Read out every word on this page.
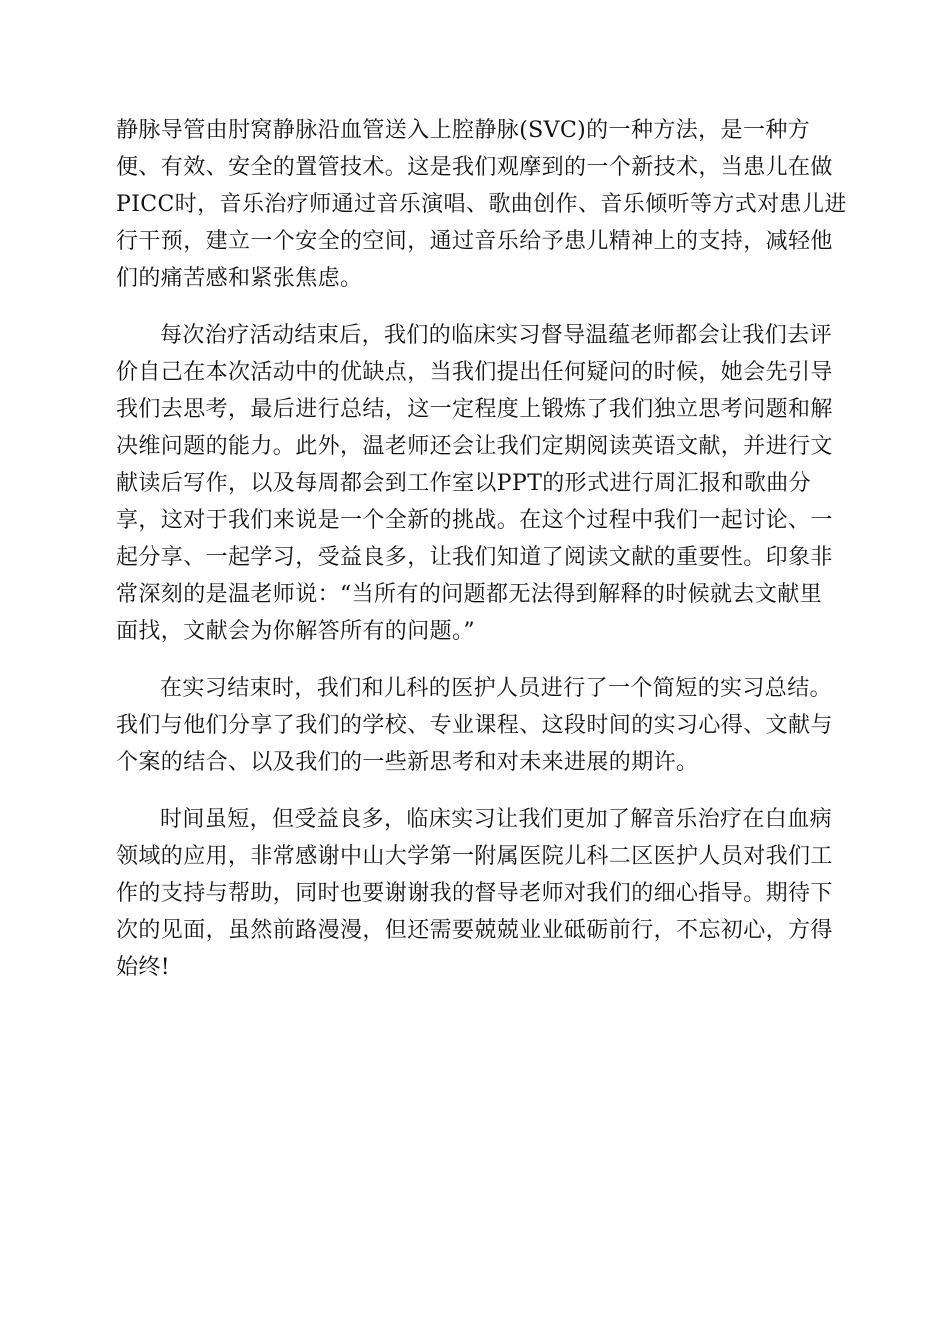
静脉导管由肘窝静脉沿血管送入上腔静脉(SVC)的一种方法，是一种方
便、有效、安全的置管技术。这是我们观摩到的一个新技术，当患儿在做
PICC时，音乐治疗师通过音乐演唱、歌曲创作、音乐倾听等方式对患儿进
行干预，建立一个安全的空间，通过音乐给予患儿精神上的支持，减轻他
们的痛苦感和紧张焦虑。

每次治疗活动结束后，我们的临床实习督导温蕴老师都会让我们去评
价自己在本次活动中的优缺点，当我们提出任何疑问的时候，她会先引导
我们去思考，最后进行总结，这一定程度上锻炼了我们独立思考问题和解
决维问题的能力。此外，温老师还会让我们定期阅读英语文献，并进行文
献读后写作，以及每周都会到工作室以PPT的形式进行周汇报和歌曲分
享，这对于我们来说是一个全新的挑战。在这个过程中我们一起讨论、一
起分享、一起学习，受益良多，让我们知道了阅读文献的重要性。印象非
常深刻的是温老师说：“当所有的问题都无法得到解释的时候就去文献里
面找，文献会为你解答所有的问题。”

在实习结束时，我们和儿科的医护人员进行了一个简短的实习总结。
我们与他们分享了我们的学校、专业课程、这段时间的实习心得、文献与
个案的结合、以及我们的一些新思考和对未来进展的期许。

时间虽短，但受益良多，临床实习让我们更加了解音乐治疗在白血病
领域的应用，非常感谢中山大学第一附属医院儿科二区医护人员对我们工
作的支持与帮助，同时也要谢谢我的督导老师对我们的细心指导。期待下
次的见面，虽然前路漫漫，但还需要兢兢业业砥砺前行，不忘初心，方得
始终!
